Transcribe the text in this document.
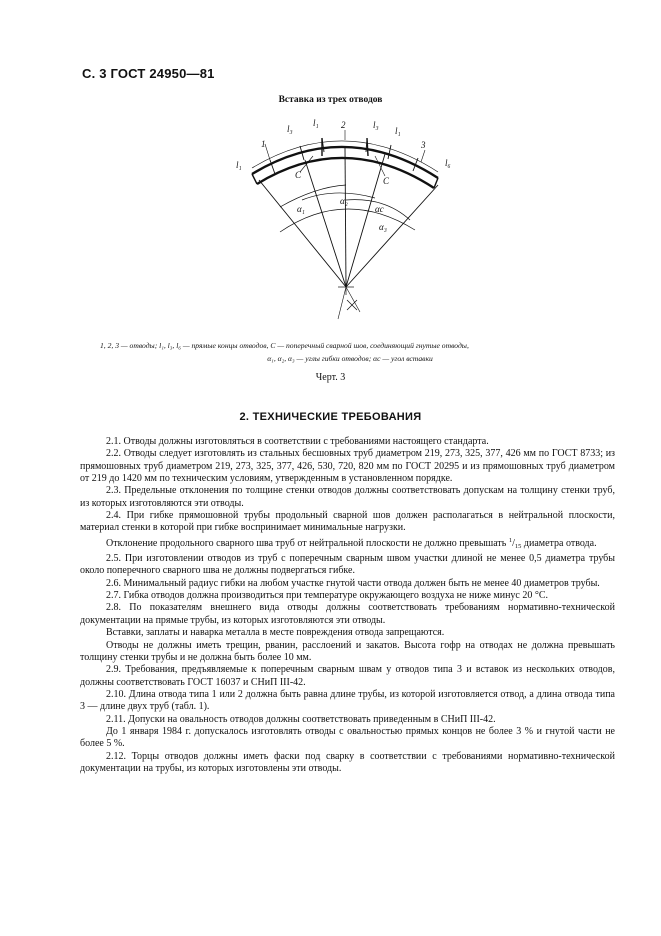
С. 3 ГОСТ 24950—81
Вставка из трех отводов
1
2
3
l₁
l₃
l₁	l₃
l₁
l₆
C
C
α₁
α₂
αc
α₃
1, 2, 3 — отводы; l₁, l₃, l₆ — прямые концы отводов, C — поперечный сварной шов, соединяющий гнутые отводы,
α₁, α₂, α₃ — углы гибки отводов; αc — угол вставки
Черт. 3
2. ТЕХНИЧЕСКИЕ ТРЕБОВАНИЯ

2.1. Отводы должны изготовляться в соответствии с требованиями настоящего стандарта.

2.2. Отводы следует изготовлять из стальных бесшовных труб диаметром 219, 273, 325, 377, 426 мм по ГОСТ 8733; из прямошовных труб диаметром 219, 273, 325, 377, 426, 530, 720, 820 мм по ГОСТ 20295 и из прямошовных труб диаметром от 219 до 1420 мм по техническим условиям, утвержденным в установленном порядке.

2.3. Предельные отклонения по толщине стенки отводов должны соответствовать допускам на толщину стенки труб, из которых изготовляются эти отводы.

2.4. При гибке прямошовной трубы продольный сварной шов должен располагаться в нейтральной плоскости, материал стенки в которой при гибке воспринимает минимальные нагрузки.

Отклонение продольного сварного шва труб от нейтральной плоскости не должно превышать $^1/_{15}$ диаметра отвода.

2.5. При изготовлении отводов из труб с поперечным сварным швом участки длиной не менее 0,5 диаметра трубы около поперечного сварного шва не должны подвергаться гибке.

2.6. Минимальный радиус гибки на любом участке гнутой части отвода должен быть не менее 40 диаметров трубы.

2.7. Гибка отводов должна производиться при температуре окружающего воздуха не ниже минус 20 °С.

2.8. По показателям внешнего вида отводы должны соответствовать требованиям нормативно-технической документации на прямые трубы, из которых изготовляются эти отводы.

Вставки, заплаты и наварка металла в месте повреждения отвода запрещаются.

Отводы не должны иметь трещин, рванин, расслоений и закатов. Высота гофр на отводах не должна превышать толщину стенки трубы и не должна быть более 10 мм.

2.9. Требования, предъявляемые к поперечным сварным швам у отводов типа 3 и вставок из нескольких отводов, должны соответствовать ГОСТ 16037 и СНиП III-42.

2.10. Длина отвода типа 1 или 2 должна быть равна длине трубы, из которой изготовляется отвод, а длина отвода типа 3 — длине двух труб (табл. 1).

2.11. Допуски на овальность отводов должны соответствовать приведенным в СНиП III-42.

До 1 января 1984 г. допускалось изготовлять отводы с овальностью прямых концов не более 3 % и гнутой части не более 5 %.

2.12. Торцы отводов должны иметь фаски под сварку в соответствии с требованиями нормативно-технической документации на трубы, из которых изготовлены эти отводы.
